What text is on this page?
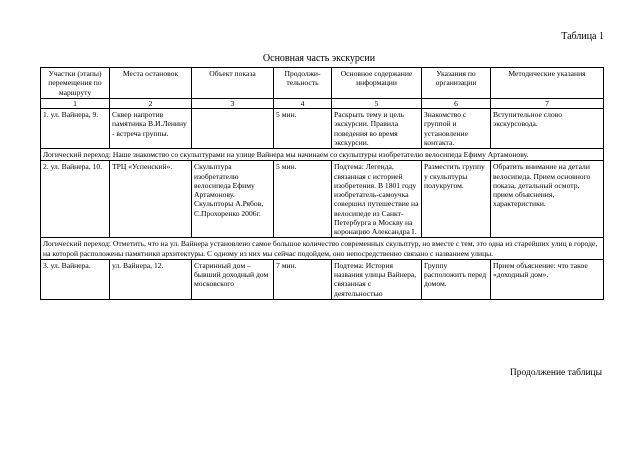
Таблица 1
Основная часть экскурсии
Участки (этапы) перемещения по маршруту	Места остановок	Объект показа	Продолжи-тельность	Основное содержание информации	Указания по организации	Методические указания
1	2	3	4	5	6	7
1. ул. Вайнера, 9.	Сквер напротив памятника В.И.Ленину - встреча группы.		5 мин.	Раскрыть тему и цель экскурсии. Правила поведения во время экскурсии.	Знакомство с группой и установление контакта.	Вступительное слово экскурсовода.
Логический переход: Наше знакомство со скульптурами на улице Вайнера мы начинаем со скульптуры изобретателю велосипеда Ефиму Артамонову.						
2. ул. Вайнера, 10.	ТРЦ «Успенский».	Скульптура изобретателю велосипеда Ефиму Артамонову. Скульпторы А.Рябов, С.Прохоренко 2006г.	5 мин.	Подтема: Легенда, связанная с историей изобретения. В 1801 году изобретатель-самоучка совершил путешествие на велосипеде из Санкт-Петербурга в Москву на коронацию Александра I.	Разместить группу у скульптуры полукругом.	Обратить внимание на детали велосипеда. Прием основного показа, детальный осмотр, прием объяснения, характеристики.
Логический переход: Отметить, что на ул. Вайнера установлено самое большое количество современных скульптур, но вместе с тем, это одна из старейших улиц в городе, на которой расположены памятники архитектуры. С одному из них мы сейчас подойдем, оно непосредственно связано с названием улицы.						
3. ул. Вайнера.	ул. Вайнера, 12.	Старинный дом – бывший доходный дом московского	7 мин.	Подтема: История названия улицы Вайнера, связанная с деятельностью	Группу расположить перед домом.	Прием объяснение: что такое «доходный дом».
Продолжение таблицы
